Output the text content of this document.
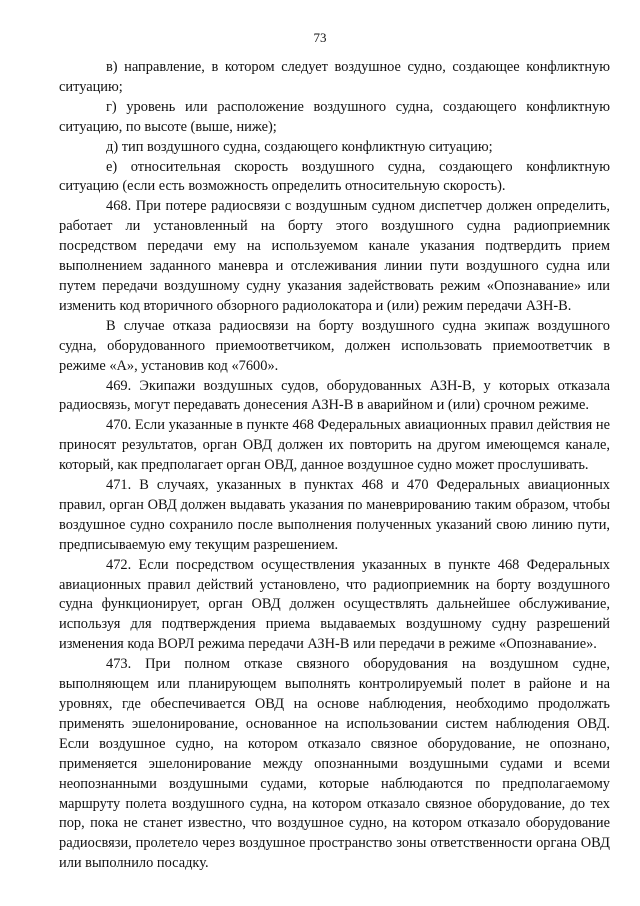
73

в) направление, в котором следует воздушное судно, создающее конфликтную ситуацию;

г) уровень или расположение воздушного судна, создающего конфликтную ситуацию, по высоте (выше, ниже);

д) тип воздушного судна, создающего конфликтную ситуацию;

е) относительная скорость воздушного судна, создающего конфликтную ситуацию (если есть возможность определить относительную скорость).

468. При потере радиосвязи с воздушным судном диспетчер должен определить, работает ли установленный на борту этого воздушного судна радиоприемник посредством передачи ему на используемом канале указания подтвердить прием выполнением заданного маневра и отслеживания линии пути воздушного судна или путем передачи воздушному судну указания задействовать режим «Опознавание» или изменить код вторичного обзорного радиолокатора и (или) режим передачи АЗН-В.

В случае отказа радиосвязи на борту воздушного судна экипаж воздушного судна, оборудованного приемоответчиком, должен использовать приемоответчик в режиме «А», установив код «7600».

469. Экипажи воздушных судов, оборудованных АЗН-В, у которых отказала радиосвязь, могут передавать донесения АЗН-В в аварийном и (или) срочном режиме.

470. Если указанные в пункте 468 Федеральных авиационных правил действия не приносят результатов, орган ОВД должен их повторить на другом имеющемся канале, который, как предполагает орган ОВД, данное воздушное судно может прослушивать.

471. В случаях, указанных в пунктах 468 и 470 Федеральных авиационных правил, орган ОВД должен выдавать указания по маневрированию таким образом, чтобы воздушное судно сохранило после выполнения полученных указаний свою линию пути, предписываемую ему текущим разрешением.

472. Если посредством осуществления указанных в пункте 468 Федеральных авиационных правил действий установлено, что радиоприемник на борту воздушного судна функционирует, орган ОВД должен осуществлять дальнейшее обслуживание, используя для подтверждения приема выдаваемых воздушному судну разрешений изменения кода ВОРЛ режима передачи АЗН-В или передачи в режиме «Опознавание».

473. При полном отказе связного оборудования на воздушном судне, выполняющем или планирующем выполнять контролируемый полет в районе и на уровнях, где обеспечивается ОВД на основе наблюдения, необходимо продолжать применять эшелонирование, основанное на использовании систем наблюдения ОВД. Если воздушное судно, на котором отказало связное оборудование, не опознано, применяется эшелонирование между опознанными воздушными судами и всеми неопознанными воздушными судами, которые наблюдаются по предполагаемому маршруту полета воздушного судна, на котором отказало связное оборудование, до тех пор, пока не станет известно, что воздушное судно, на котором отказало оборудование радиосвязи, пролетело через воздушное пространство зоны ответственности органа ОВД или выполнило посадку.
